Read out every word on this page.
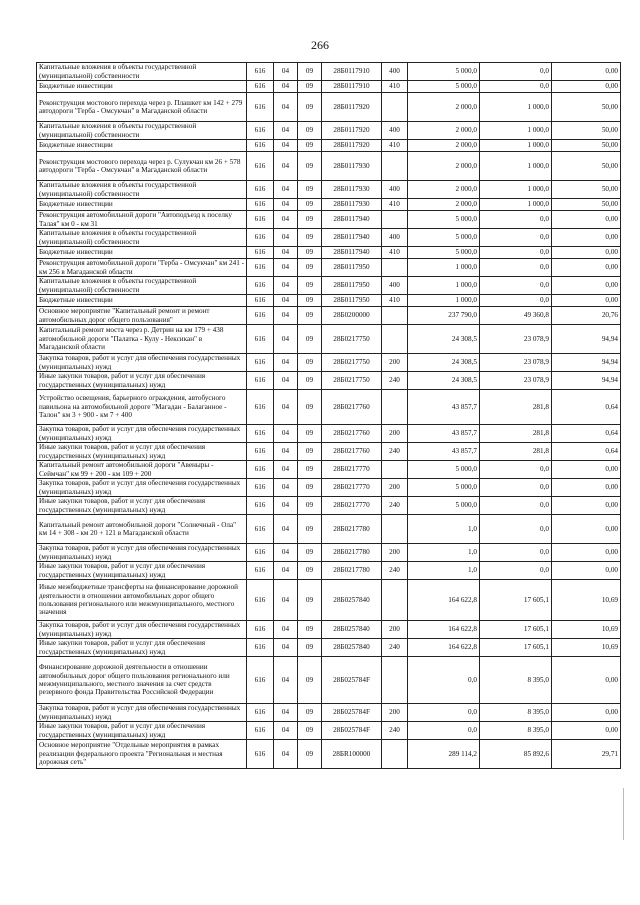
266
Капитальные вложения в объекты государственной (муниципальной) собственности	616	04	09	28Б0117910	400	5 000,0	0,0	0,00
Бюджетные инвестиции	616	04	09	28Б0117910	410	5 000,0	0,0	0,00
Реконструкция мостового перехода через р. Плашкет км 142 + 279 автодороги "Герба - Омсукчан" в Магаданской области	616	04	09	28Б0117920		2 000,0	1 000,0	50,00
Капитальные вложения в объекты государственной (муниципальной) собственности	616	04	09	28Б0117920	400	2 000,0	1 000,0	50,00
Бюджетные инвестиции	616	04	09	28Б0117920	410	2 000,0	1 000,0	50,00
Реконструкция мостового перехода через р. Сулукчан км 26 + 578 автодороги "Герба - Омсукчан" в Магаданской области	616	04	09	28Б0117930		2 000,0	1 000,0	50,00
Капитальные вложения в объекты государственной (муниципальной) собственности	616	04	09	28Б0117930	400	2 000,0	1 000,0	50,00
Бюджетные инвестиции	616	04	09	28Б0117930	410	2 000,0	1 000,0	50,00
Реконструкция автомобильной дороги "Автоподъезд к поселку Талая" км 0 - км 31	616	04	09	28Б0117940		5 000,0	0,0	0,00
Капитальные вложения в объекты государственной (муниципальной) собственности	616	04	09	28Б0117940	400	5 000,0	0,0	0,00
Бюджетные инвестиции	616	04	09	28Б0117940	410	5 000,0	0,0	0,00
Реконструкция автомобильной дороги "Герба - Омсукчан" км 241 - км 256 в Магаданской области	616	04	09	28Б0117950		1 000,0	0,0	0,00
Капитальные вложения в объекты государственной (муниципальной) собственности	616	04	09	28Б0117950	400	1 000,0	0,0	0,00
Бюджетные инвестиции	616	04	09	28Б0117950	410	1 000,0	0,0	0,00
Основное мероприятие "Капитальный ремонт и ремонт автомобильных дорог общего пользования"	616	04	09	28Б0200000		237 790,0	49 360,8	20,76
Капитальный ремонт моста через р. Детрин на км 179 + 438 автомобильной дороги "Палатка - Кулу - Нексикан" в Магаданской области	616	04	09	28Б0217750		24 308,5	23 078,9	94,94
Закупка товаров, работ и услуг для обеспечения государственных (муниципальных) нужд	616	04	09	28Б0217750	200	24 308,5	23 078,9	94,94
Иные закупки товаров, работ и услуг для обеспечения государственных (муниципальных) нужд	616	04	09	28Б0217750	240	24 308,5	23 078,9	94,94
Устройство освещения, барьерного ограждения, автобусного павильона на автомобильной дороге "Магадан - Балаганное - Талон" км 3 + 900 - км 7 + 400	616	04	09	28Б0217760		43 857,7	281,8	0,64
Закупка товаров, работ и услуг для обеспечения государственных (муниципальных) нужд	616	04	09	28Б0217760	200	43 857,7	281,8	0,64
Иные закупки товаров, работ и услуг для обеспечения государственных (муниципальных) нужд	616	04	09	28Б0217760	240	43 857,7	281,8	0,64
Капитальный ремонт автомобильной дороги "Авеныры - Сеймчан" км 99 + 200 - км 109 + 200	616	04	09	28Б0217770		5 000,0	0,0	0,00
Закупка товаров, работ и услуг для обеспечения государственных (муниципальных) нужд	616	04	09	28Б0217770	200	5 000,0	0,0	0,00
Иные закупки товаров, работ и услуг для обеспечения государственных (муниципальных) нужд	616	04	09	28Б0217770	240	5 000,0	0,0	0,00
Капитальный ремонт автомобильной дороги "Солнечный - Ола" км 14 + 308 - км 20 + 121 в Магаданской области	616	04	09	28Б0217780		1,0	0,0	0,00
Закупка товаров, работ и услуг для обеспечения государственных (муниципальных) нужд	616	04	09	28Б0217780	200	1,0	0,0	0,00
Иные закупки товаров, работ и услуг для обеспечения государственных (муниципальных) нужд	616	04	09	28Б0217780	240	1,0	0,0	0,00
Иные межбюджетные трансферты на финансирование дорожной деятельности в отношении автомобильных дорог общего пользования регионального или межмуниципального, местного значения	616	04	09	28Б0257840		164 622,8	17 605,1	10,69
Закупка товаров, работ и услуг для обеспечения государственных (муниципальных) нужд	616	04	09	28Б0257840	200	164 622,8	17 605,1	10,69
Иные закупки товаров, работ и услуг для обеспечения государственных (муниципальных) нужд	616	04	09	28Б0257840	240	164 622,8	17 605,1	10,69
Финансирование дорожной деятельности в отношении автомобильных дорог общего пользования регионального или межмуниципального, местного значения за счет средств резервного фонда Правительства Российской Федерации	616	04	09	28Б025784F		0,0	8 395,0	0,00
Закупка товаров, работ и услуг для обеспечения государственных (муниципальных) нужд	616	04	09	28Б025784F	200	0,0	8 395,0	0,00
Иные закупки товаров, работ и услуг для обеспечения государственных (муниципальных) нужд	616	04	09	28Б025784F	240	0,0	8 395,0	0,00
Основное мероприятие "Отдельные мероприятия в рамках реализации федерального проекта "Региональная и местная дорожная сеть"	616	04	09	28БR100000		289 114,2	85 892,6	29,71
